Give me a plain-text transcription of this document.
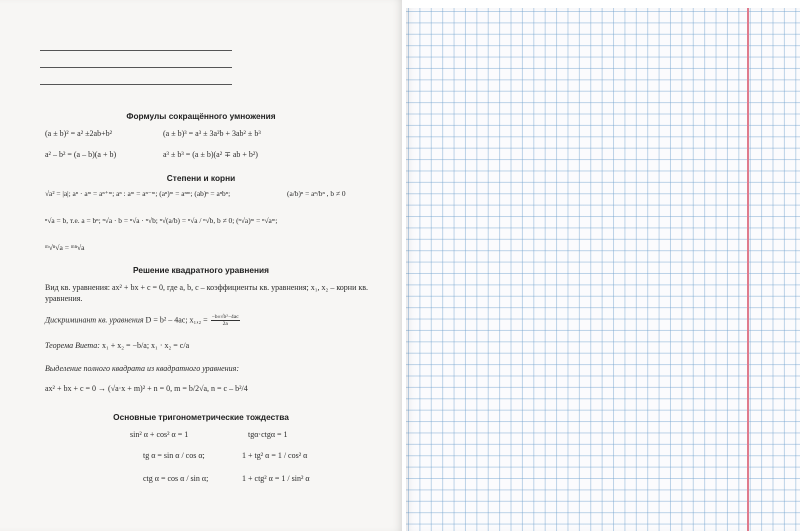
Формулы сокращённого умножения
(a ± b)² = a² ±2ab+b²	(a ± b)³ = a³ ± 3a²b + 3ab² ± b³
a² – b² = (a – b)(a + b)	a³ ± b³ = (a ± b)(a² ∓ ab + b²)
Степени и корни
√a² = |a|; aⁿ · aᵐ = aⁿ⁺ᵐ; aⁿ : aᵐ = aⁿ⁻ᵐ; (aⁿ)ᵐ = aⁿᵐ; (ab)ⁿ = aⁿbⁿ;	(a/b)ⁿ = aⁿ/bⁿ , b ≠ 0
ⁿ√a = b, т.е. a = bⁿ; ⁿ√a · b = ⁿ√a · ⁿ√b; ⁿ√(a/b) = ⁿ√a / ⁿ√b, b ≠ 0; (ⁿ√a)ᵐ = ⁿ√aᵐ;
ᵐ√ⁿ√a = ᵐⁿ√a
Решение квадратного уравнения
Вид кв. уравнения: ax² + bx + c = 0, где a, b, c – коэффициенты кв. уравнения; x₁, x₂ – корни кв. уравнения.
Дискриминант кв. уравнения D = b² – 4ac; $x_1,_2 = \frac{\text{−b±√b²−4ac}}{2a}$
Теорема Виета: x₁ + x₂ = −b/a; x₁ · x₂ = c/a
Выделение полного квадрата из квадратного уравнения:
ax² + bx + c = 0 → (√a·x + m)² + n = 0, m = b/2√a, n = c – b²/4
Основные тригонометрические тождества
sin² α + cos² α = 1	tgα·ctgα = 1
tg α = sin α / cos α;	1 + tg² α = 1 / cos² α
ctg α = cos α / sin α;	1 + ctg² α = 1 / sin² α
